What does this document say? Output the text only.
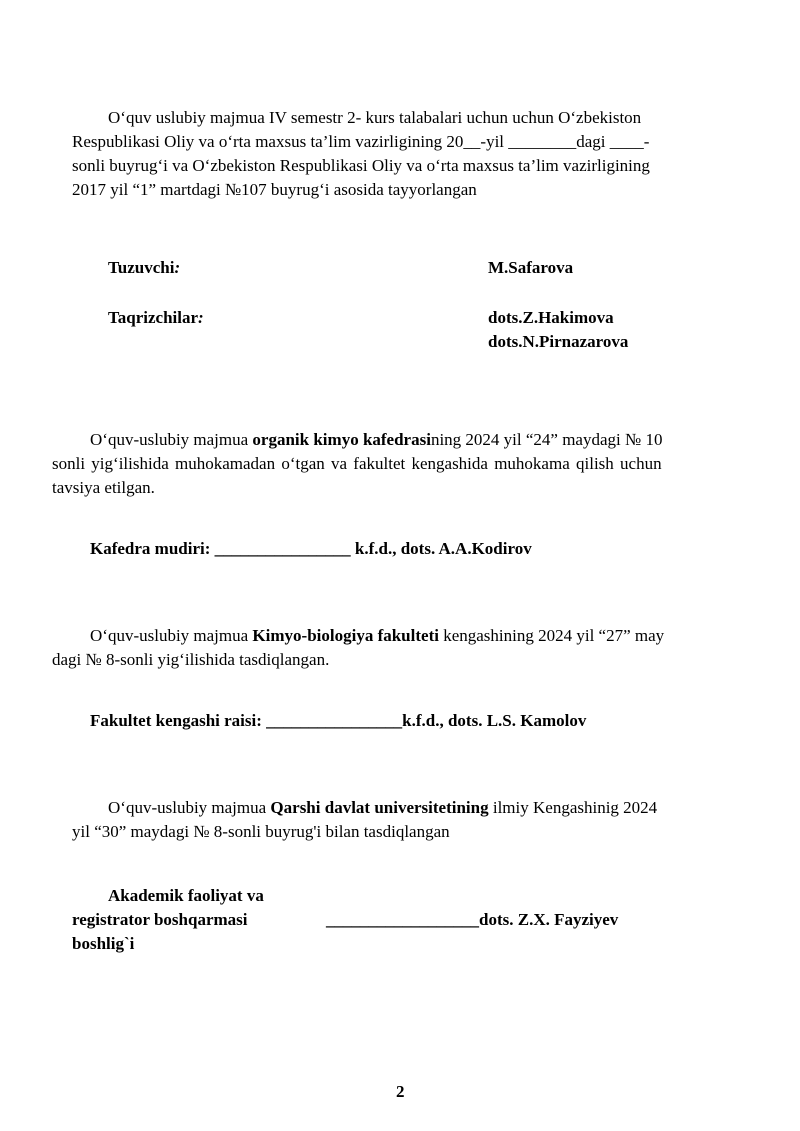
O‘quv uslubiy majmua IV semestr 2- kurs talabalari uchun uchun O‘zbekiston
Respublikasi Oliy va o‘rta maxsus ta’lim vazirligining 20__-yil ________dagi ____-
sonli buyrug‘i va O‘zbekiston Respublikasi Oliy va o‘rta maxsus ta’lim vazirligining
2017 yil “1” martdagi №107 buyrug‘i asosida tayyorlangan
Tuzuvchi:	M.Safarova
Taqrizchilar:	dots.Z.Hakimova
dots.N.Pirnazarova
O‘quv-uslubiy majmua organik kimyo kafedrasining 2024 yil “24” maydagi № 10
sonli yig‘ilishida muhokamadan o‘tgan va fakultet kengashida muhokama qilish uchun
tavsiya etilgan.
Kafedra mudiri: ________________ k.f.d., dots. A.A.Kodirov
O‘quv-uslubiy majmua Kimyo-biologiya fakulteti kengashining 2024 yil “27” may
dagi № 8-sonli yig‘ilishida tasdiqlangan.
Fakultet kengashi raisi: ________________k.f.d., dots. L.S. Kamolov
O‘quv-uslubiy majmua Qarshi davlat universitetining ilmiy Kengashinig 2024
yil “30” maydagi № 8-sonli buyrug'i bilan tasdiqlangan
Akademik faoliyat va
registrator boshqarmasi
boshlig`i
__________________dots. Z.X. Fayziyev
2
